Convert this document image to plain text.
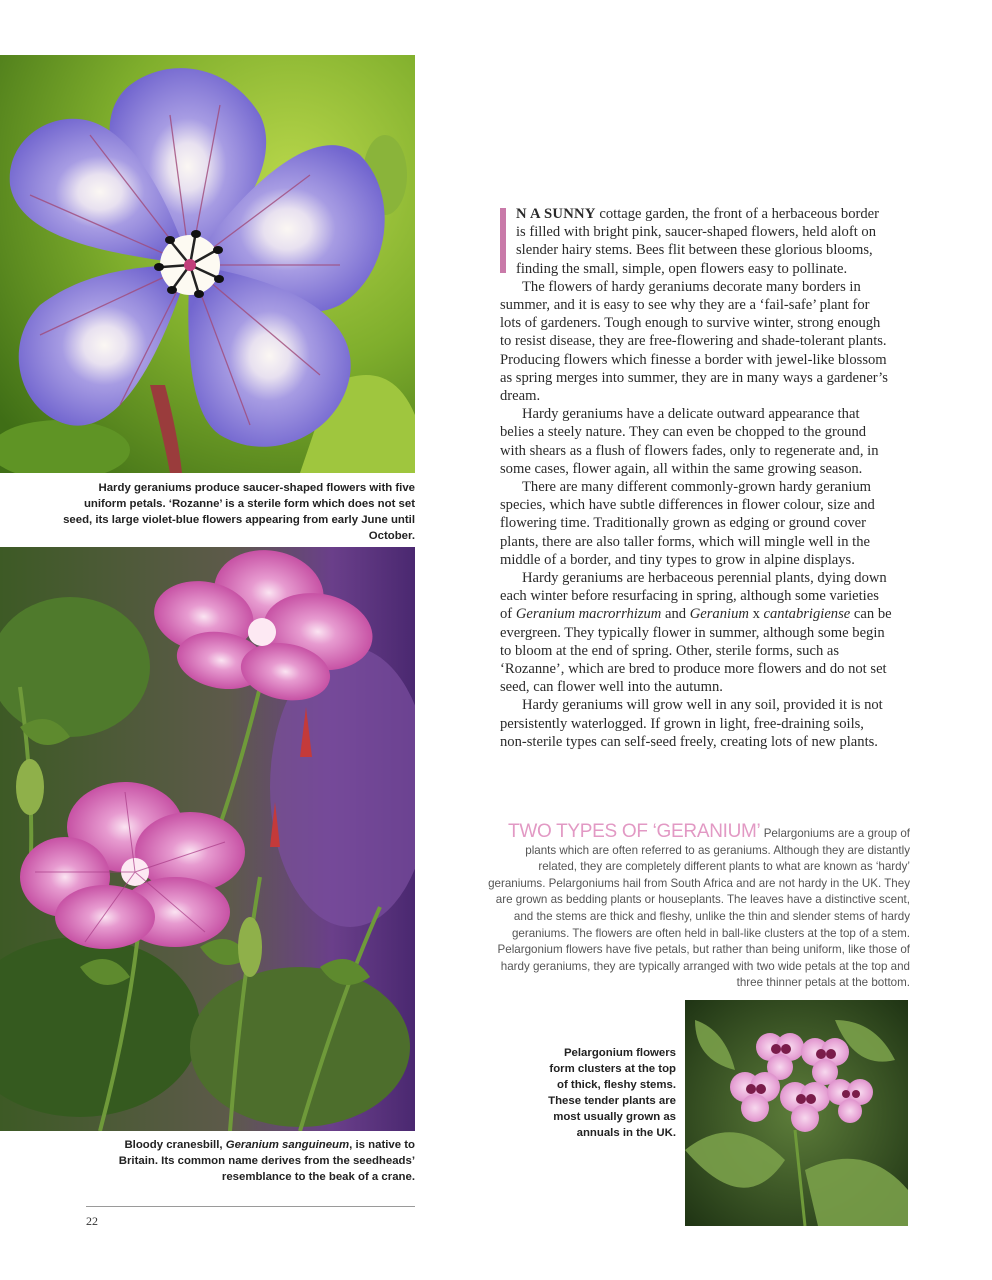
Hardy geraniums produce saucer-shaped flowers with five uniform petals. ‘Rozanne’ is a sterile form which does not set seed, its large violet-blue flowers appearing from early June until October.

Bloody cranesbill, Geranium sanguineum, is native to Britain. Its common name derives from the seedheads’ resemblance to the beak of a crane.

N A SUNNY cottage garden, the front of a herbaceous border is filled with bright pink, saucer-shaped flowers, held aloft on slender hairy stems. Bees flit between these glorious blooms, finding the small, simple, open flowers easy to pollinate.

The flowers of hardy geraniums decorate many borders in summer, and it is easy to see why they are a ‘fail-safe’ plant for lots of gardeners. Tough enough to survive winter, strong enough to resist disease, they are free-flowering and shade-tolerant plants. Producing flowers which finesse a border with jewel-like blossom as spring merges into summer, they are in many ways a gardener’s dream.

Hardy geraniums have a delicate outward appearance that belies a steely nature. They can even be chopped to the ground with shears as a flush of flowers fades, only to regenerate and, in some cases, flower again, all within the same growing season.

There are many different commonly-grown hardy geranium species, which have subtle differences in flower colour, size and flowering time. Traditionally grown as edging or ground cover plants, there are also taller forms, which will mingle well in the middle of a border, and tiny types to grow in alpine displays.

Hardy geraniums are herbaceous perennial plants, dying down each winter before resurfacing in spring, although some varieties of Geranium macrorrhizum and Geranium x cantabrigiense can be evergreen. They typically flower in summer, although some begin to bloom at the end of spring. Other, sterile forms, such as ‘Rozanne’, which are bred to produce more flowers and do not set seed, can flower well into the autumn.

Hardy geraniums will grow well in any soil, provided it is not persistently waterlogged. If grown in light, free-draining soils, non-sterile types can self-seed freely, creating lots of new plants.

TWO TYPES OF ‘GERANIUM’ Pelargoniums are a group of plants which are often referred to as geraniums. Although they are distantly related, they are completely different plants to what are known as ‘hardy’ geraniums. Pelargoniums hail from South Africa and are not hardy in the UK. They are grown as bedding plants or houseplants. The leaves have a distinctive scent, and the stems are thick and fleshy, unlike the thin and slender stems of hardy geraniums. The flowers are often held in ball-like clusters at the top of a stem. Pelargonium flowers have five petals, but rather than being uniform, like those of hardy geraniums, they are typically arranged with two wide petals at the top and three thinner petals at the bottom.

Pelargonium flowers form clusters at the top of thick, fleshy stems. These tender plants are most usually grown as annuals in the UK.

22
